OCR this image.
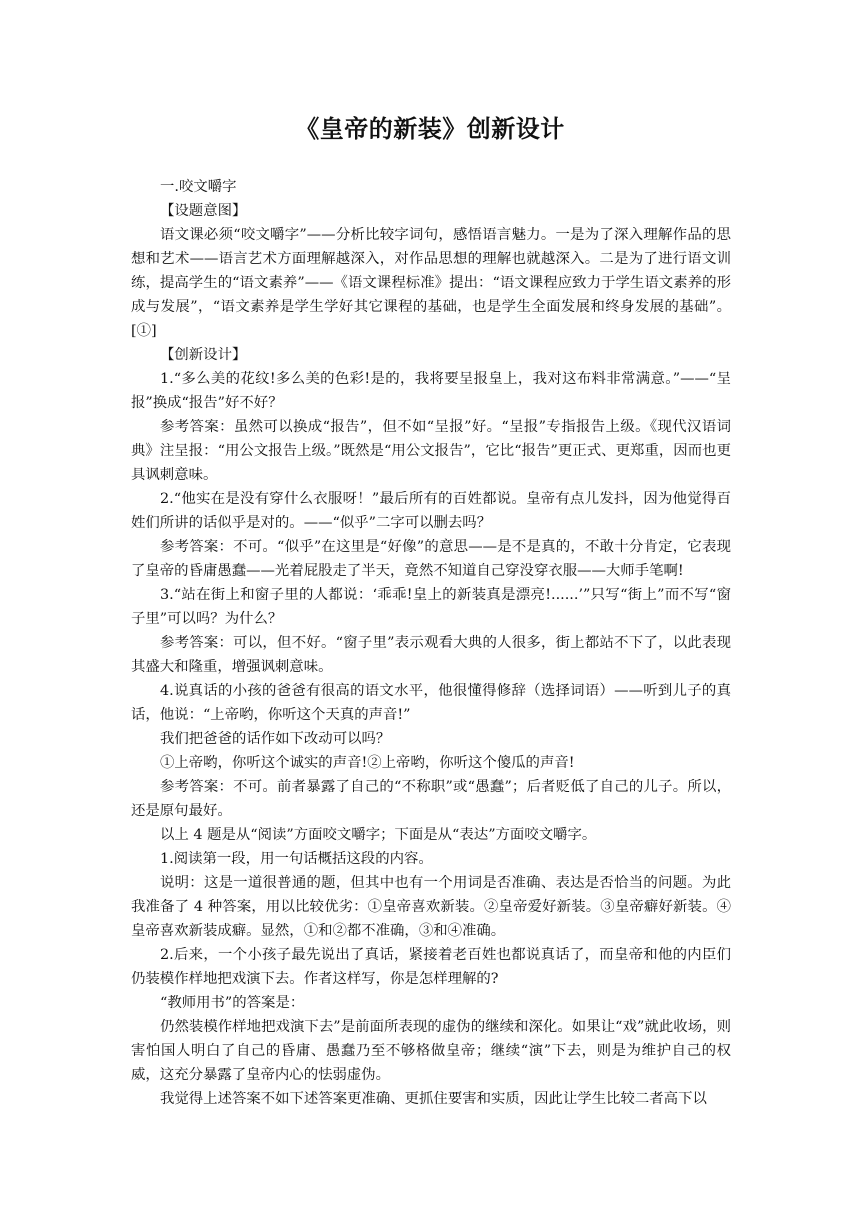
《皇帝的新装》创新设计

一.咬文嚼字

【设题意图】

语文课必须“咬文嚼字”——分析比较字词句，感悟语言魅力。一是为了深入理解作品的思想和艺术——语言艺术方面理解越深入，对作品思想的理解也就越深入。二是为了进行语文训练，提高学生的“语文素养”——《语文课程标准》提出：“语文课程应致力于学生语文素养的形成与发展”，“语文素养是学生学好其它课程的基础，也是学生全面发展和终身发展的基础”。[①]

【创新设计】

1.“多么美的花纹!多么美的色彩!是的，我将要呈报皇上，我对这布料非常满意。”——“呈报”换成“报告”好不好？

参考答案：虽然可以换成“报告”，但不如“呈报”好。“呈报”专指报告上级。《现代汉语词典》注呈报：“用公文报告上级。”既然是“用公文报告”，它比“报告”更正式、更郑重，因而也更具讽刺意味。

2.“他实在是没有穿什么衣服呀！”最后所有的百姓都说。皇帝有点儿发抖，因为他觉得百姓们所讲的话似乎是对的。——“似乎”二字可以删去吗？

参考答案：不可。“似乎”在这里是“好像”的意思——是不是真的，不敢十分肯定，它表现了皇帝的昏庸愚蠢——光着屁股走了半天，竟然不知道自己穿没穿衣服——大师手笔啊!

3.“站在街上和窗子里的人都说：‘乖乖!皇上的新装真是漂亮!......’”只写“街上”而不写“窗子里”可以吗？为什么？

参考答案：可以，但不好。“窗子里”表示观看大典的人很多，街上都站不下了，以此表现其盛大和隆重，增强讽刺意味。

4.说真话的小孩的爸爸有很高的语文水平，他很懂得修辞（选择词语）——听到儿子的真话，他说：“上帝哟，你听这个天真的声音!”

我们把爸爸的话作如下改动可以吗？

①上帝哟，你听这个诚实的声音!②上帝哟，你听这个傻瓜的声音!

参考答案：不可。前者暴露了自己的“不称职”或“愚蠢”；后者贬低了自己的儿子。所以，还是原句最好。

以上 4 题是从“阅读”方面咬文嚼字；下面是从“表达”方面咬文嚼字。

1.阅读第一段，用一句话概括这段的内容。

说明：这是一道很普通的题，但其中也有一个用词是否准确、表达是否恰当的问题。为此我准备了 4 种答案，用以比较优劣：①皇帝喜欢新装。②皇帝爱好新装。③皇帝癖好新装。④皇帝喜欢新装成癖。显然，①和②都不准确，③和④准确。

2.后来，一个小孩子最先说出了真话，紧接着老百姓也都说真话了，而皇帝和他的内臣们仍装模作样地把戏演下去。作者这样写，你是怎样理解的?

“教师用书”的答案是：

仍然装模作样地把戏演下去”是前面所表现的虚伪的继续和深化。如果让“戏”就此收场，则害怕国人明白了自己的昏庸、愚蠢乃至不够格做皇帝；继续“演”下去，则是为维护自己的权威，这充分暴露了皇帝内心的怯弱虚伪。

我觉得上述答案不如下述答案更准确、更抓住要害和实质，因此让学生比较二者高下以
